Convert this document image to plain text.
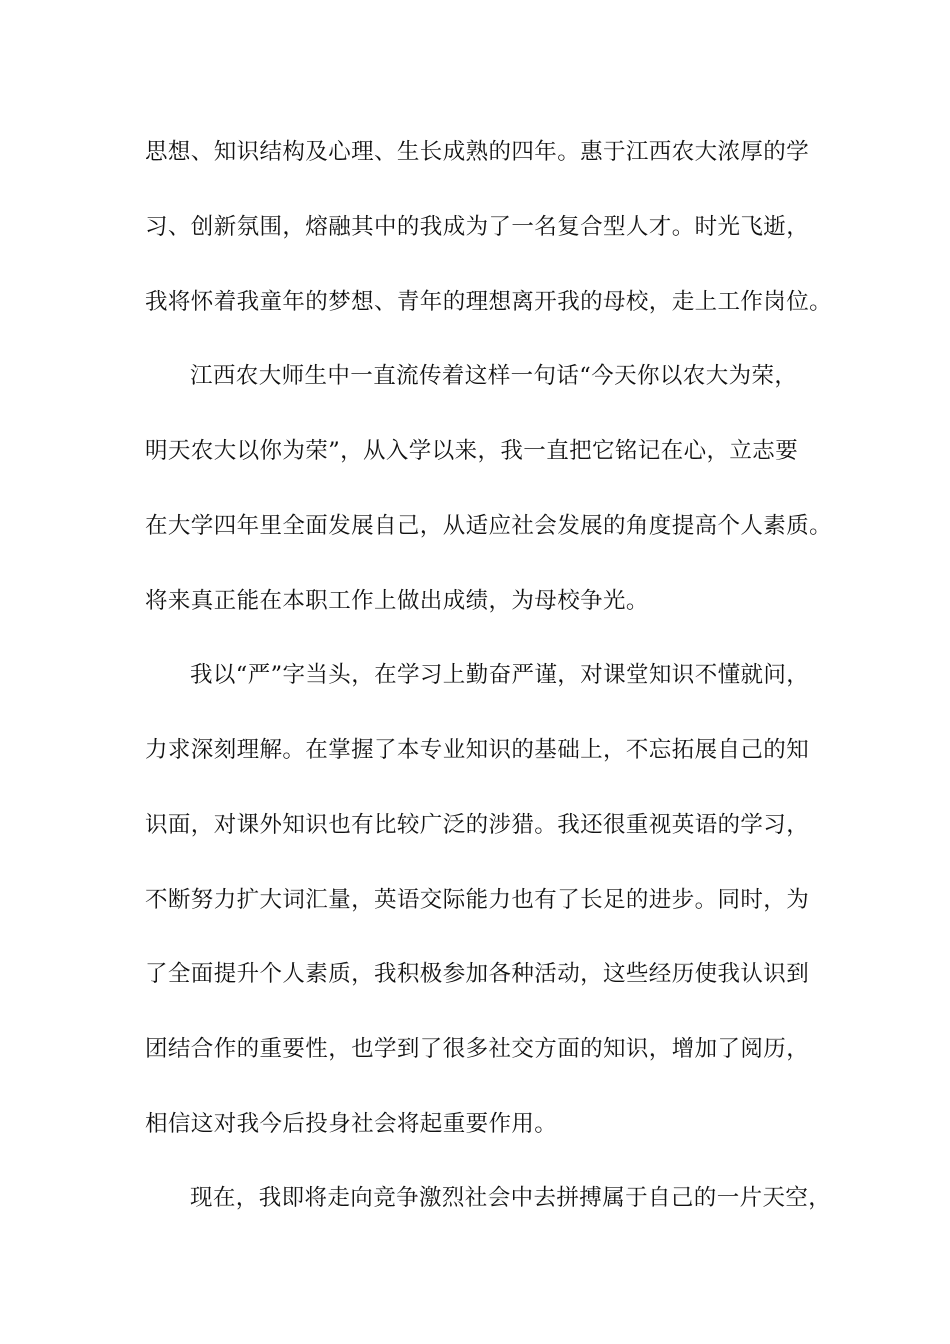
思想、知识结构及心理、生长成熟的四年。惠于江西农大浓厚的学
习、创新氛围，熔融其中的我成为了一名复合型人才。时光飞逝，
我将怀着我童年的梦想、青年的理想离开我的母校，走上工作岗位。
江西农大师生中一直流传着这样一句话“今天你以农大为荣，
明天农大以你为荣”，从入学以来，我一直把它铭记在心，立志要
在大学四年里全面发展自己，从适应社会发展的角度提高个人素质。
将来真正能在本职工作上做出成绩，为母校争光。
我以“严”字当头，在学习上勤奋严谨，对课堂知识不懂就问，
力求深刻理解。在掌握了本专业知识的基础上，不忘拓展自己的知
识面，对课外知识也有比较广泛的涉猎。我还很重视英语的学习，
不断努力扩大词汇量，英语交际能力也有了长足的进步。同时，为
了全面提升个人素质，我积极参加各种活动，这些经历使我认识到
团结合作的重要性，也学到了很多社交方面的知识，增加了阅历，
相信这对我今后投身社会将起重要作用。
现在，我即将走向竞争激烈社会中去拼搏属于自己的一片天空，
